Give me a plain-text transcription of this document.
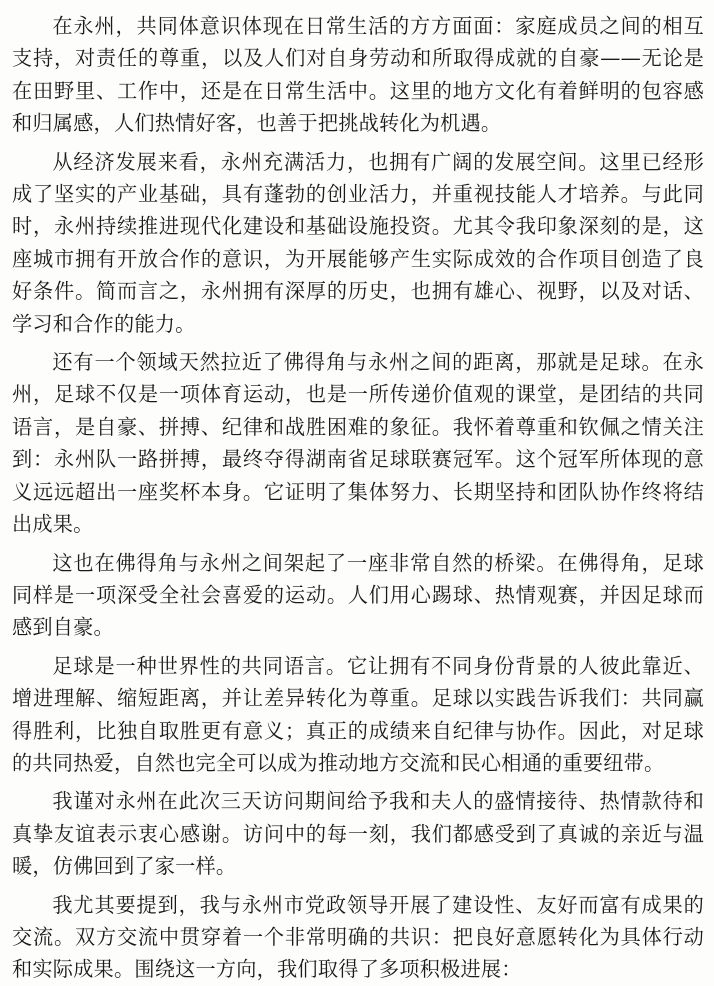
在永州，共同体意识体现在日常生活的方方面面：家庭成员之间的相互支持，对责任的尊重，以及人们对自身劳动和所取得成就的自豪——无论是在田野里、工作中，还是在日常生活中。这里的地方文化有着鲜明的包容感和归属感，人们热情好客，也善于把挑战转化为机遇。

从经济发展来看，永州充满活力，也拥有广阔的发展空间。这里已经形成了坚实的产业基础，具有蓬勃的创业活力，并重视技能人才培养。与此同时，永州持续推进现代化建设和基础设施投资。尤其令我印象深刻的是，这座城市拥有开放合作的意识，为开展能够产生实际成效的合作项目创造了良好条件。简而言之，永州拥有深厚的历史，也拥有雄心、视野，以及对话、学习和合作的能力。

还有一个领域天然拉近了佛得角与永州之间的距离，那就是足球。在永州，足球不仅是一项体育运动，也是一所传递价值观的课堂，是团结的共同语言，是自豪、拼搏、纪律和战胜困难的象征。我怀着尊重和钦佩之情关注到：永州队一路拼搏，最终夺得湖南省足球联赛冠军。这个冠军所体现的意义远远超出一座奖杯本身。它证明了集体努力、长期坚持和团队协作终将结出成果。

这也在佛得角与永州之间架起了一座非常自然的桥梁。在佛得角，足球同样是一项深受全社会喜爱的运动。人们用心踢球、热情观赛，并因足球而感到自豪。

足球是一种世界性的共同语言。它让拥有不同身份背景的人彼此靠近、增进理解、缩短距离，并让差异转化为尊重。足球以实践告诉我们：共同赢得胜利，比独自取胜更有意义；真正的成绩来自纪律与协作。因此，对足球的共同热爱，自然也完全可以成为推动地方交流和民心相通的重要纽带。

我谨对永州在此次三天访问期间给予我和夫人的盛情接待、热情款待和真挚友谊表示衷心感谢。访问中的每一刻，我们都感受到了真诚的亲近与温暖，仿佛回到了家一样。

我尤其要提到，我与永州市党政领导开展了建设性、友好而富有成果的交流。双方交流中贯穿着一个非常明确的共识：把良好意愿转化为具体行动和实际成果。围绕这一方向，我们取得了多项积极进展：
